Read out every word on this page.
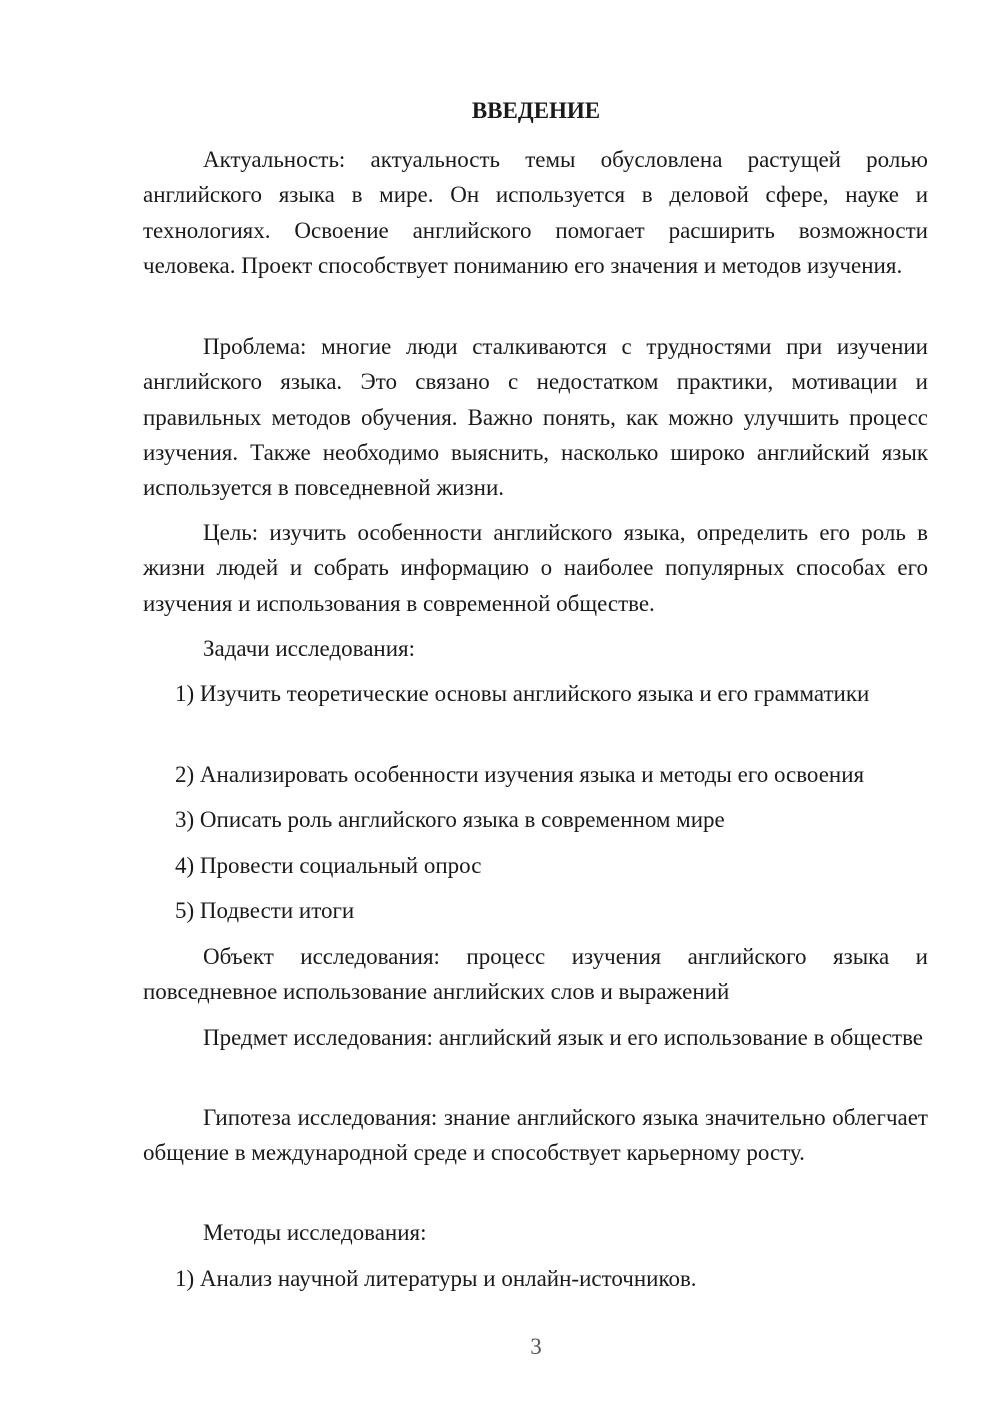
ВВЕДЕНИЕ

Актуальность: актуальность темы обусловлена растущей ролью английского языка в мире. Он используется в деловой сфере, науке и технологиях. Освоение английского помогает расширить возможности человека. Проект способствует пониманию его значения и методов изучения.

Проблема: многие люди сталкиваются с трудностями при изучении английского языка. Это связано с недостатком практики, мотивации и правильных методов обучения. Важно понять, как можно улучшить процесс изучения. Также необходимо выяснить, насколько широко английский язык используется в повседневной жизни.

Цель: изучить особенности английского языка, определить его роль в жизни людей и собрать информацию о наиболее популярных способах его изучения и использования в современной обществе.

Задачи исследования:

1) Изучить теоретические основы английского языка и его грамматики

2) Анализировать особенности изучения языка и методы его освоения

3) Описать роль английского языка в современном мире

4) Провести социальный опрос

5) Подвести итоги

Объект исследования: процесс изучения английского языка и повседневное использование английских слов и выражений

Предмет исследования: английский язык и его использование в обществе

Гипотеза исследования: знание английского языка значительно облегчает общение в международной среде и способствует карьерному росту.

Методы исследования:

1) Анализ научной литературы и онлайн-источников.

3
